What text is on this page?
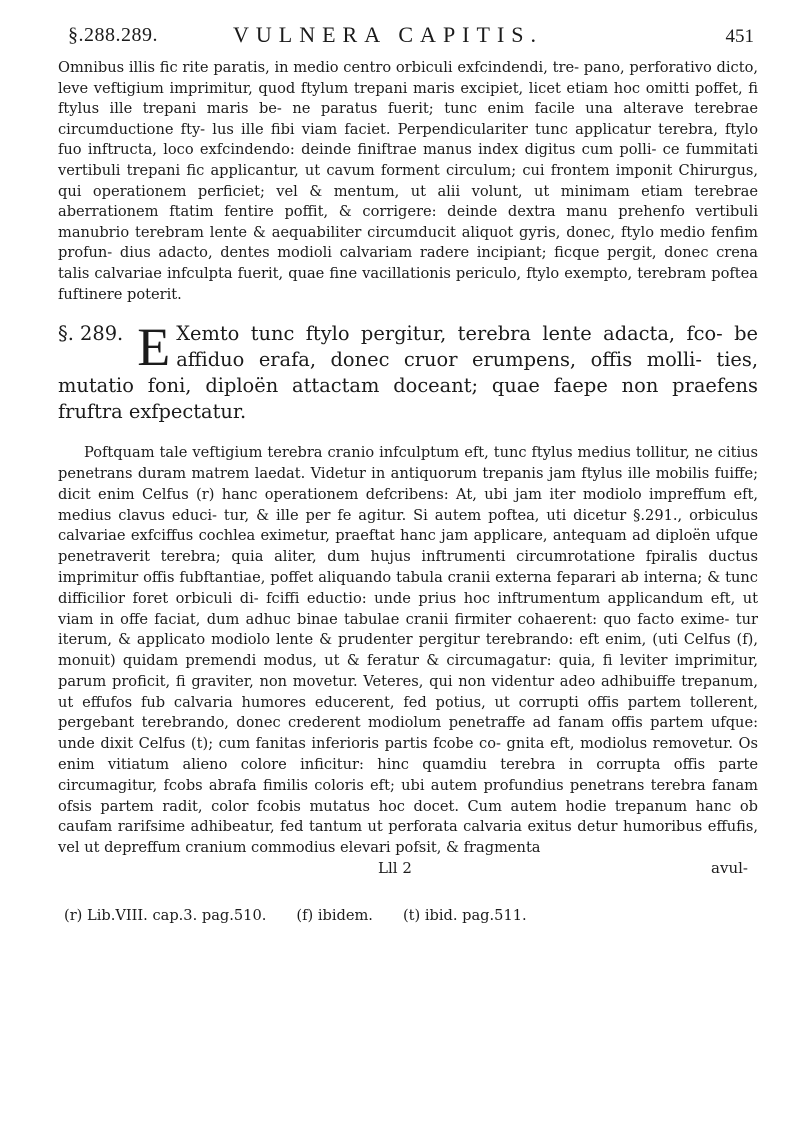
§.288.289.	VULNERA CAPITIS.	451

Omnibus illis fic rite paratis, in medio centro orbiculi exfcindendi, tre- pano, perforativo dicto, leve veftigium imprimitur, quod ftylum trepani maris excipiet, licet etiam hoc omitti poffet, fi ftylus ille trepani maris be- ne paratus fuerit; tunc enim facile una alterave terebrae circumductione fty- lus ille fibi viam faciet. Perpendiculariter tunc applicatur terebra, ftylo fuo inftructa, loco exfcindendo: deinde finiftrae manus index digitus cum polli- ce fummitati vertibuli trepani fic applicantur, ut cavum forment circulum; cui frontem imponit Chirurgus, qui operationem perficiet; vel & mentum, ut alii volunt, ut minimam etiam terebrae aberrationem ftatim fentire poffit, & corrigere: deinde dextra manu prehenfo vertibuli manubrio terebram lente & aequabiliter circumducit aliquot gyris, donec, ftylo medio fenfim profun- dius adacto, dentes modioli calvariam radere incipiant; ficque pergit, donec crena talis calvariae infculpta fuerit, quae fine vacillationis periculo, ftylo exempto, terebram poftea fuftinere poterit.

§. 289. E Xemto tunc ftylo pergitur, terebra lente adacta, fco- be affiduo erafa, donec cruor erumpens, offis molli- ties, mutatio foni, diploën attactam doceant; quae faepe non praefens fruftra exfpectatur.

Poftquam tale veftigium terebra cranio infculptum eft, tunc ftylus medius tollitur, ne citius penetrans duram matrem laedat. Videtur in antiquorum trepanis jam ftylus ille mobilis fuiffe; dicit enim Celfus (r) hanc operationem defcribens: At, ubi jam iter modiolo impreffum eft, medius clavus educi- tur, & ille per fe agitur. Si autem poftea, uti dicetur §.291., orbiculus calvariae exfciffus cochlea eximetur, praeftat hanc jam applicare, antequam ad diploën ufque penetraverit terebra; quia aliter, dum hujus inftrumenti circumrotatione fpiralis ductus imprimitur offis fubftantiae, poffet aliquando tabula cranii externa feparari ab interna; & tunc difficilior foret orbiculi di- fciffi eductio: unde prius hoc inftrumentum applicandum eft, ut viam in offe faciat, dum adhuc binae tabulae cranii firmiter cohaerent: quo facto exime- tur iterum, & applicato modiolo lente & prudenter pergitur terebrando: eft enim, (uti Celfus (f), monuit) quidam premendi modus, ut & feratur & circumagatur: quia, fi leviter imprimitur, parum proficit, fi graviter, non movetur. Veteres, qui non videntur adeo adhibuiffe trepanum, ut effufos fub calvaria humores educerent, fed potius, ut corrupti offis partem tollerent, pergebant terebrando, donec crederent modiolum penetraffe ad fanam offis partem ufque: unde dixit Celfus (t); cum fanitas inferioris partis fcobe co- gnita eft, modiolus removetur. Os enim vitiatum alieno colore inficitur: hinc quamdiu terebra in corrupta offis parte circumagitur, fcobs abrafa fimilis coloris eft; ubi autem profundius penetrans terebra fanam ofsis partem radit, color fcobis mutatus hoc docet. Cum autem hodie trepanum hanc ob caufam rarifsime adhibeatur, fed tantum ut perforata calvaria exitus detur humoribus effufis, vel ut depreffum cranium commodius elevari pofsit, & fragmenta

Lll 2	avul-
(r) Lib.VIII. cap.3. pag.510. (f) ibidem. (t) ibid. pag.511.
